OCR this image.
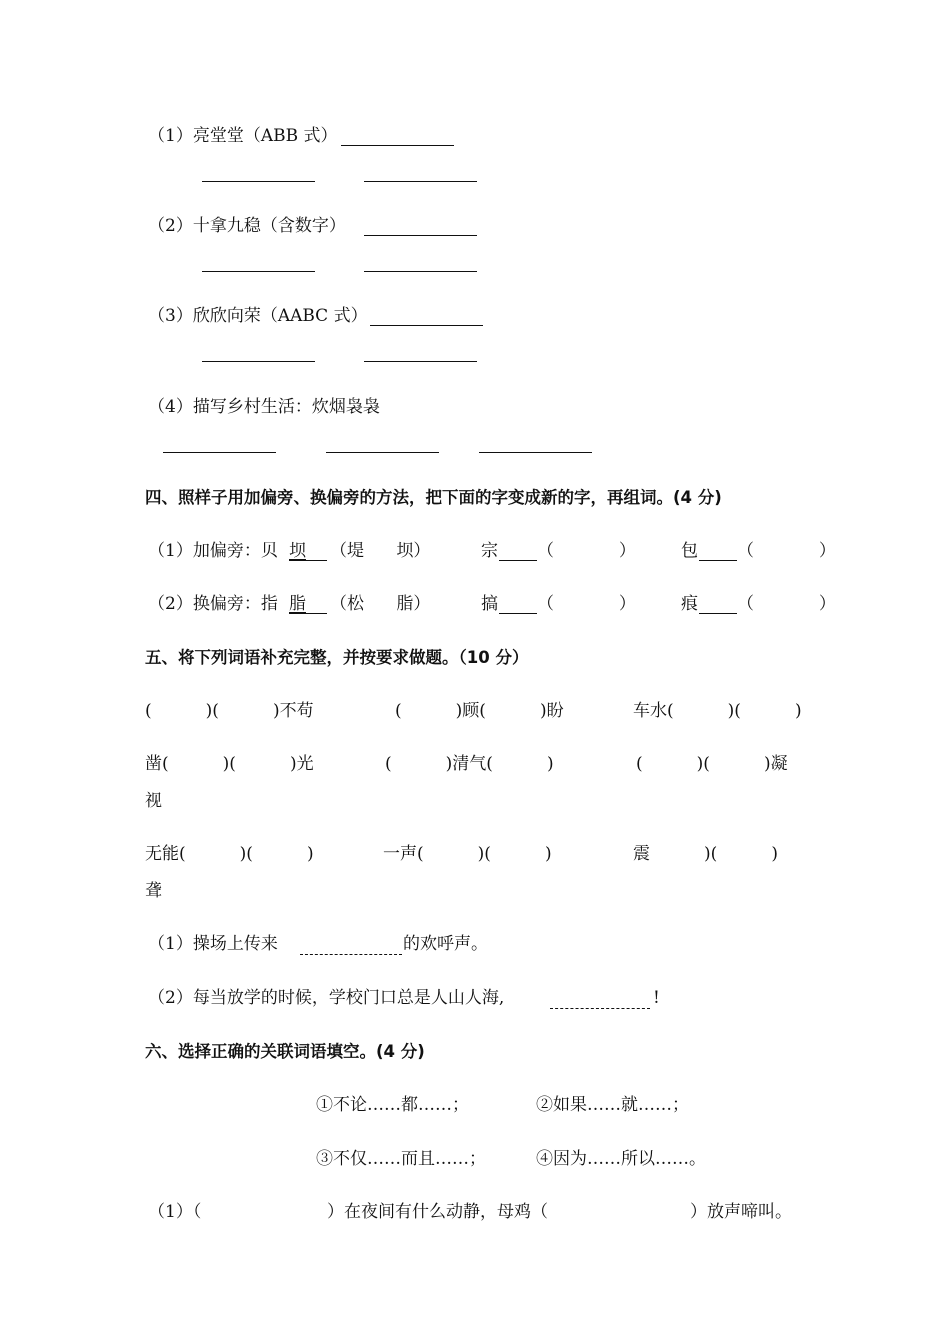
（1）亮堂堂（ABB 式）
（2）十拿九稳（含数字）
（3）欣欣向荣（AABC 式）
（4）描写乡村生活：炊烟袅袅
四、照样子用加偏旁、换偏旁的方法，把下面的字变成新的字，再组词。(4 分)
（1）加偏旁：贝 坝 （堤      坝）	宗 （            ）	包 （            ）
（2）换偏旁：指 脂 （松      脂）	搞 （            ）	痕 （            ）
五、将下列词语补充完整，并按要求做题。（10 分）
(          )(          )不苟	(          )顾(          )盼	车水(          )(          )
凿(          )(          )光	(          )清气(          )	(          )(          )凝
视
无能(          )(          )	一声(          )(          )	震          )(          )
聋
（1）操场上传来	的欢呼声。
（2）每当放学的时候，学校门口总是人山人海,	!
六、选择正确的关联词语填空。(4 分)
①不论……都……；	②如果……就……；
③不仅……而且……；	④因为……所以……。
（1）（	）在夜间有什么动静，母鸡（	）放声啼叫。
